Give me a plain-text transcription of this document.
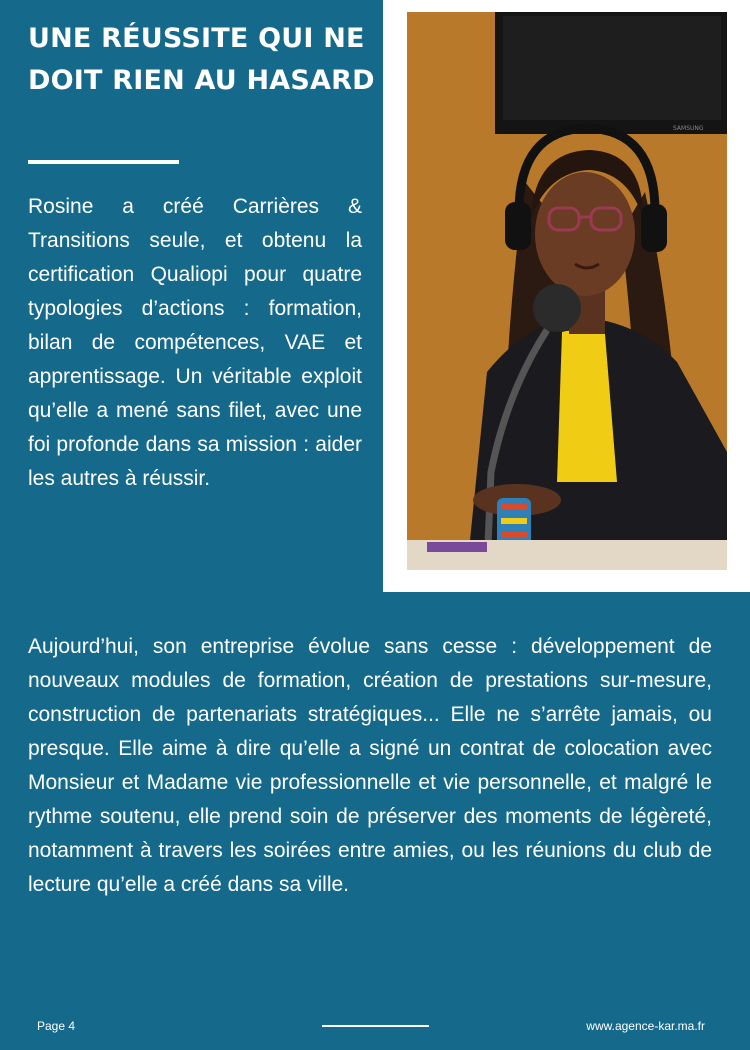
UNE RÉUSSITE QUI NE DOIT RIEN AU HASARD

Rosine a créé Carrières & Transitions seule, et obtenu la certification Qualiopi pour quatre typologies d’actions : formation, bilan de compétences, VAE et apprentissage. Un véritable exploit qu’elle a mené sans filet, avec une foi profonde dans sa mission : aider les autres à réussir.

SAMSUNG

Aujourd’hui, son entreprise évolue sans cesse : développement de nouveaux modules de formation, création de prestations sur-mesure, construction de partenariats stratégiques... Elle ne s’arrête jamais, ou presque. Elle aime à dire qu’elle a signé un contrat de colocation avec Monsieur et Madame vie professionnelle et vie personnelle, et malgré le rythme soutenu, elle prend soin de préserver des moments de légèreté, notamment à travers les soirées entre amies, ou les réunions du club de lecture qu’elle a créé dans sa ville.

Page 4	www.agence-kar.ma.fr
